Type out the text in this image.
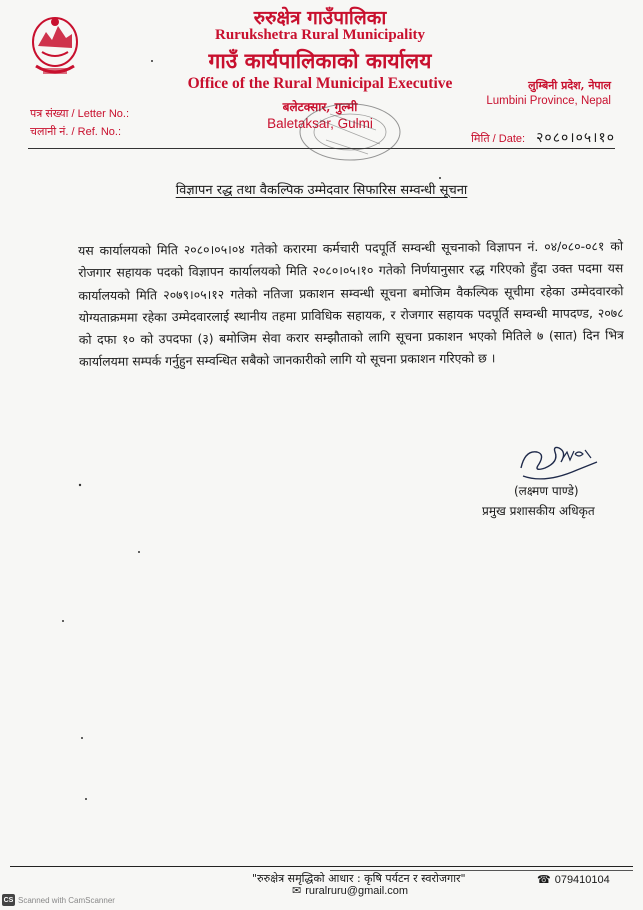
रुरुक्षेत्र गाउँपालिका
Rurukshetra Rural Municipality
गाउँ कार्यपालिकाको कार्यालय
Office of the Rural Municipal Executive
बलेटक्सार, गुल्मी
Baletaksar, Gulmi
लुम्बिनी प्रदेश, नेपाल
Lumbini Province, Nepal
पत्र संख्या / Letter No.:
चलानी नं. / Ref. No.:
मिति / Date: २०८०।०५।१०
विज्ञापन रद्ध तथा वैकल्पिक उम्मेदवार सिफारिस सम्वन्धी सूचना
यस कार्यालयको मिति २०८०।०५।०४ गतेको करारमा कर्मचारी पदपूर्ति सम्वन्धी सूचनाको विज्ञापन नं. ०४/०८०-०८१ को रोजगार सहायक पदको विज्ञापन कार्यालयको मिति २०८०।०५।१० गतेको निर्णयानुसार रद्ध गरिएको हुँदा उक्त पदमा यस कार्यालयको मिति २०७९।०५।१२ गतेको नतिजा प्रकाशन सम्वन्धी सूचना बमोजिम वैकल्पिक सूचीमा रहेका उम्मेदवारको योग्यताक्रममा रहेका उम्मेदवारलाई स्थानीय तहमा प्राविधिक सहायक, र रोजगार सहायक पदपूर्ति सम्वन्धी मापदण्ड, २०७८ को दफा १० को उपदफा (३) बमोजिम सेवा करार सम्झौताको लागि सूचना प्रकाशन भएको मितिले ७ (सात) दिन भित्र कार्यालयमा सम्पर्क गर्नुहुन सम्वन्धित सबैको जानकारीको लागि यो सूचना प्रकाशन गरिएको छ ।
(लक्ष्मण पाण्डे)
प्रमुख प्रशासकीय अधिकृत
"रुरुक्षेत्र समृद्धिको आधार : कृषि पर्यटन र स्वरोजगार"	☎ 079410104
✉ ruralruru@gmail.com
CS Scanned with CamScanner
